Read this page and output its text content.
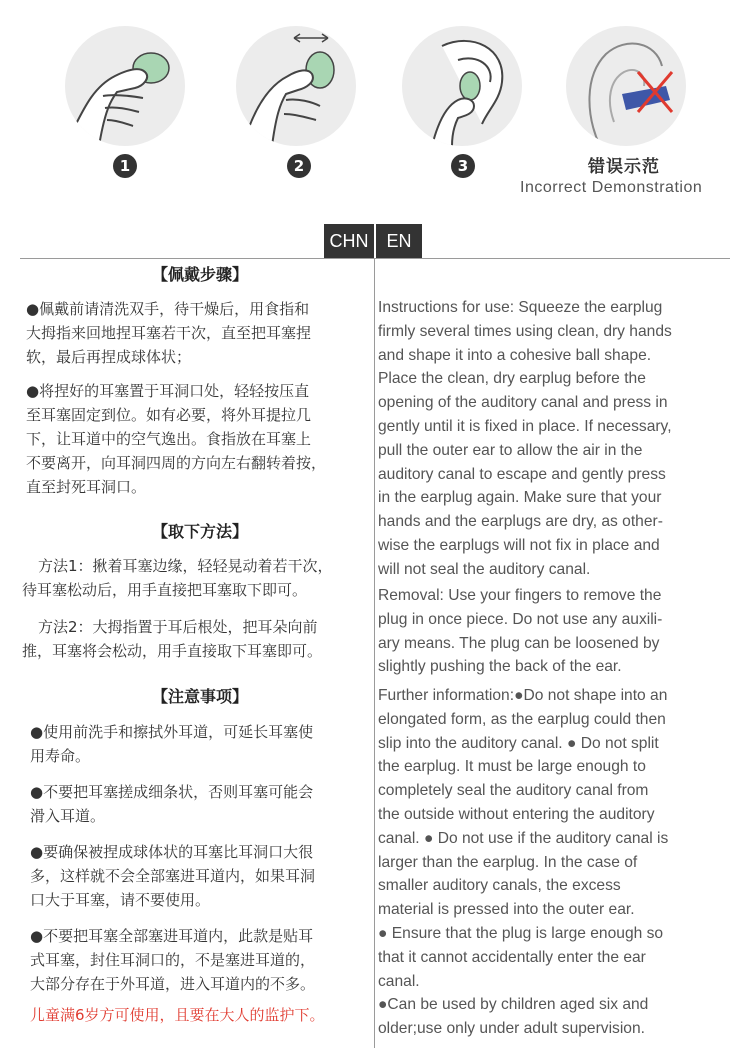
1	2	3	错误示范
Incorrect Demonstration
CHN EN
【佩戴步骤】
●佩戴前请清洗双手，待干燥后，用食指和
大拇指来回地捏耳塞若干次，直至把耳塞捏
软，最后再捏成球体状；
●将捏好的耳塞置于耳洞口处，轻轻按压直
至耳塞固定到位。如有必要，将外耳提拉几
下，让耳道中的空气逸出。食指放在耳塞上
不要离开，向耳洞四周的方向左右翻转着按，
直至封死耳洞口。
【取下方法】
方法1：揪着耳塞边缘，轻轻晃动着若干次，
待耳塞松动后，用手直接把耳塞取下即可。
方法2：大拇指置于耳后根处，把耳朵向前
推，耳塞将会松动，用手直接取下耳塞即可。
【注意事项】
●使用前洗手和擦拭外耳道，可延长耳塞使
用寿命。
●不要把耳塞搓成细条状，否则耳塞可能会
滑入耳道。
●要确保被捏成球体状的耳塞比耳洞口大很
多，这样就不会全部塞进耳道内，如果耳洞
口大于耳塞，请不要使用。
●不要把耳塞全部塞进耳道内，此款是贴耳
式耳塞，封住耳洞口的，不是塞进耳道的，
大部分存在于外耳道，进入耳道内的不多。
儿童满6岁方可使用，且要在大人的监护下。
Instructions for use: Squeeze the earplug
firmly several times using clean, dry hands
and shape it into a cohesive ball shape.
Place the clean, dry earplug before the
opening of the auditory canal and press in
gently until it is fixed in place. If necessary,
pull the outer ear to allow the air in the
auditory canal to escape and gently press
in the earplug again. Make sure that your
hands and the earplugs are dry, as other-
wise the earplugs will not fix in place and
will not seal the auditory canal.
Removal: Use your fingers to remove the
plug in once piece. Do not use any auxili-
ary means. The plug can be loosened by
slightly pushing the back of the ear.
Further information:●Do not shape into an
elongated form, as the earplug could then
slip into the auditory canal. ● Do not split
the earplug. It must be large enough to
completely seal the auditory canal from
the outside without entering the auditory
canal. ● Do not use if the auditory canal is
larger than the earplug. In the case of
smaller auditory canals, the excess
material is pressed into the outer ear.
● Ensure that the plug is large enough so
that it cannot accidentally enter the ear
canal.
●Can be used by children aged six and
older;use only under adult supervision.
